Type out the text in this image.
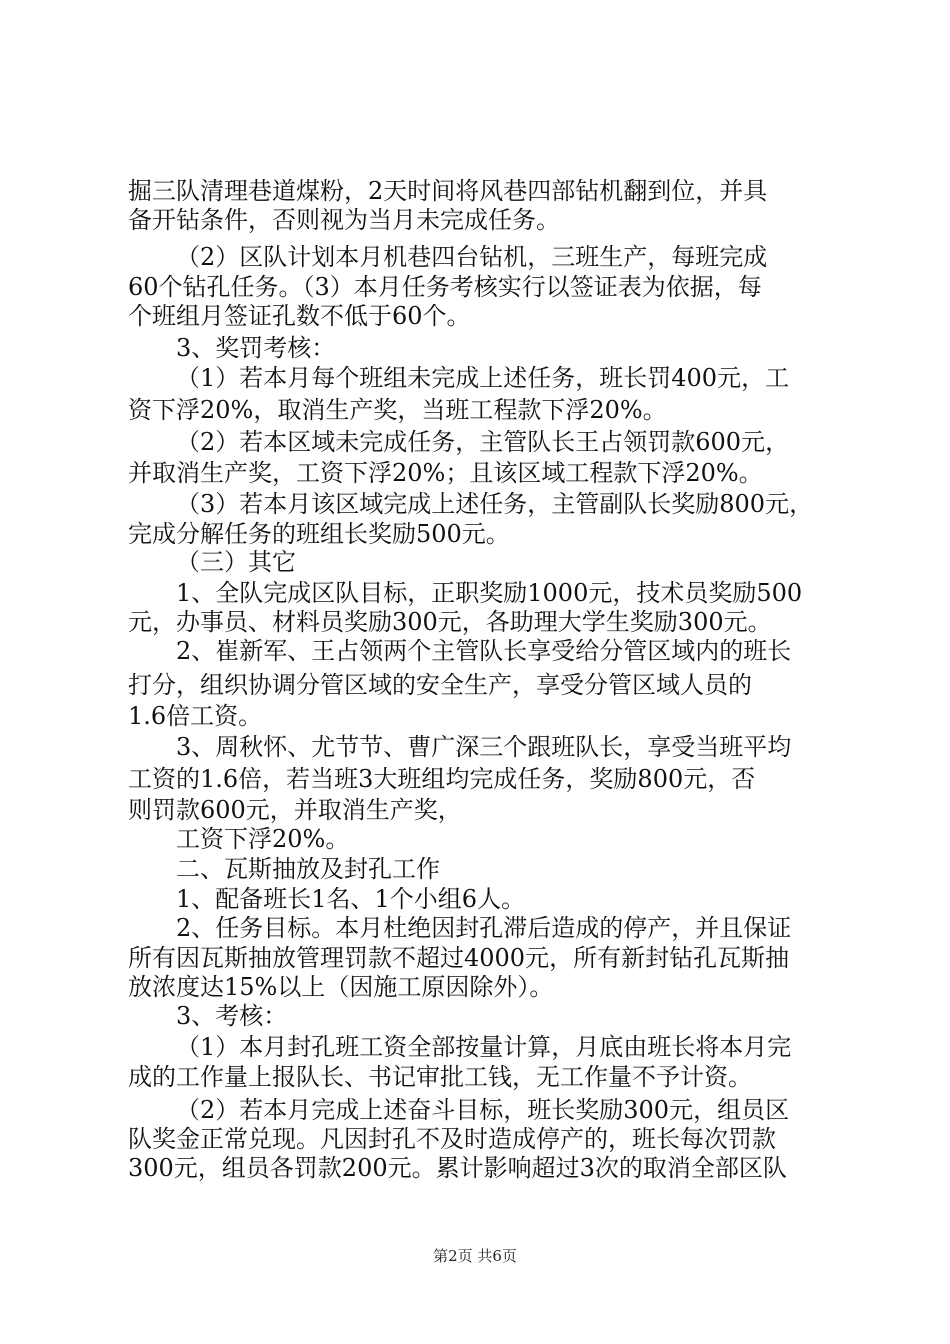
掘三队清理巷道煤粉，2天时间将风巷四部钻机翻到位，并具
备开钻条件，否则视为当月未完成任务。
（2）区队计划本月机巷四台钻机，三班生产，每班完成
60个钻孔任务。（3）本月任务考核实行以签证表为依据，每
个班组月签证孔数不低于60个。
3、奖罚考核：
（1）若本月每个班组未完成上述任务，班长罚400元，工
资下浮20%，取消生产奖，当班工程款下浮20%。
（2）若本区域未完成任务，主管队长王占领罚款600元，
并取消生产奖，工资下浮20%；且该区域工程款下浮20%。
（3）若本月该区域完成上述任务，主管副队长奖励800元，
完成分解任务的班组长奖励500元。
（三）其它
1、全队完成区队目标，正职奖励1000元，技术员奖励500
元，办事员、材料员奖励300元，各助理大学生奖励300元。
2、崔新军、王占领两个主管队长享受给分管区域内的班长
打分，组织协调分管区域的安全生产，享受分管区域人员的
1.6倍工资。
3、周秋怀、尤节节、曹广深三个跟班队长，享受当班平均
工资的1.6倍，若当班3大班组均完成任务，奖励800元，否
则罚款600元，并取消生产奖，
工资下浮20%。
二、瓦斯抽放及封孔工作
1、配备班长1名、1个小组6人。
2、任务目标。本月杜绝因封孔滞后造成的停产，并且保证
所有因瓦斯抽放管理罚款不超过4000元，所有新封钻孔瓦斯抽
放浓度达15%以上（因施工原因除外）。
3、考核：
（1）本月封孔班工资全部按量计算，月底由班长将本月完
成的工作量上报队长、书记审批工钱，无工作量不予计资。
（2）若本月完成上述奋斗目标，班长奖励300元，组员区
队奖金正常兑现。凡因封孔不及时造成停产的，班长每次罚款
300元，组员各罚款200元。累计影响超过3次的取消全部区队
第2页 共6页
